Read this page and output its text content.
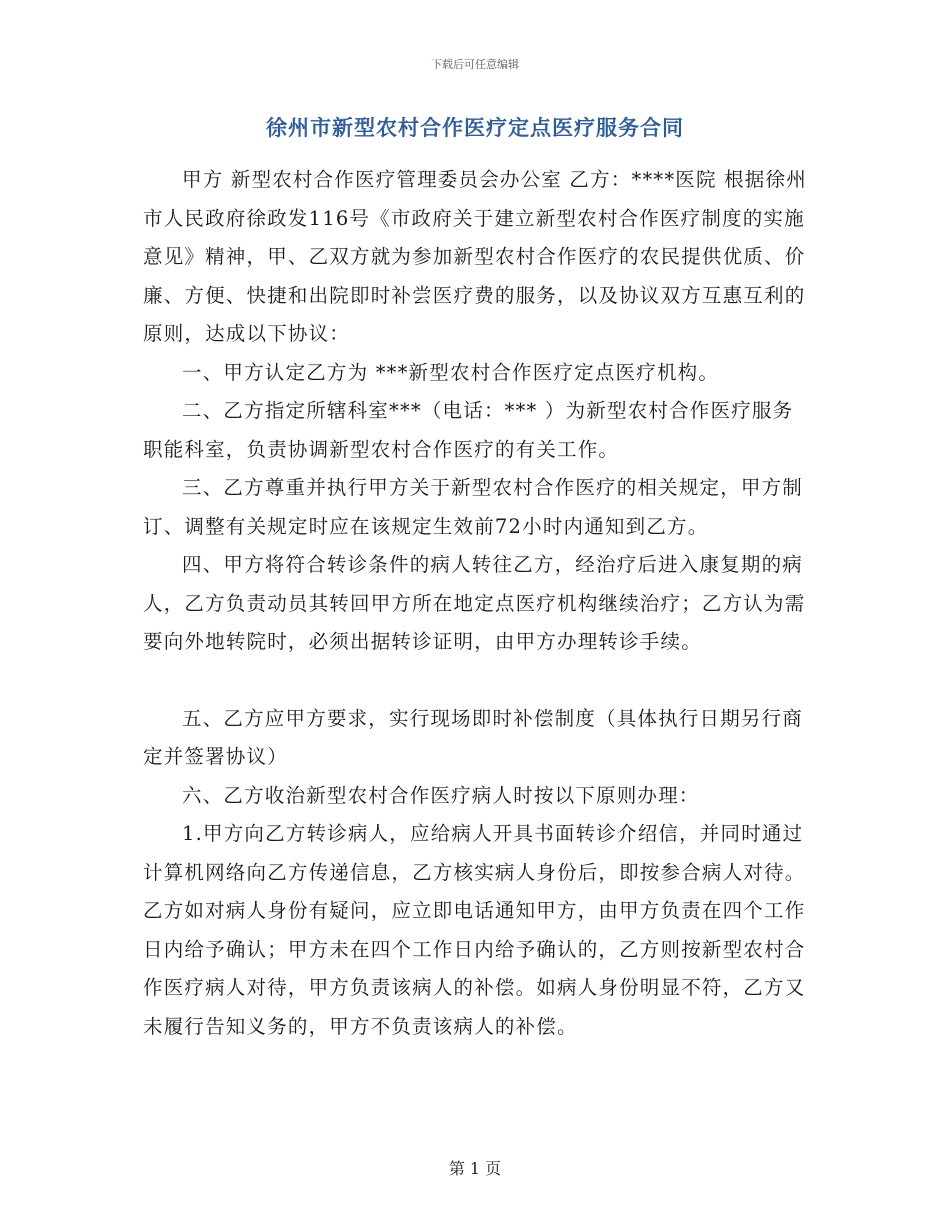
下载后可任意编辑
徐州市新型农村合作医疗定点医疗服务合同

甲方 新型农村合作医疗管理委员会办公室 乙方：****医院 根据徐州市人民政府徐政发116号《市政府关于建立新型农村合作医疗制度的实施意见》精神，甲、乙双方就为参加新型农村合作医疗的农民提供优质、价廉、方便、快捷和出院即时补尝医疗费的服务，以及协议双方互惠互利的原则，达成以下协议：

一、甲方认定乙方为 ***新型农村合作医疗定点医疗机构。

二、乙方指定所辖科室***（电话：*** ）为新型农村合作医疗服务职能科室，负责协调新型农村合作医疗的有关工作。

三、乙方尊重并执行甲方关于新型农村合作医疗的相关规定，甲方制订、调整有关规定时应在该规定生效前72小时内通知到乙方。

四、甲方将符合转诊条件的病人转往乙方，经治疗后进入康复期的病人，乙方负责动员其转回甲方所在地定点医疗机构继续治疗；乙方认为需要向外地转院时，必须出据转诊证明，由甲方办理转诊手续。

五、乙方应甲方要求，实行现场即时补偿制度（具体执行日期另行商定并签署协议）

六、乙方收治新型农村合作医疗病人时按以下原则办理：

1.甲方向乙方转诊病人，应给病人开具书面转诊介绍信，并同时通过计算机网络向乙方传递信息，乙方核实病人身份后，即按参合病人对待。乙方如对病人身份有疑问，应立即电话通知甲方，由甲方负责在四个工作日内给予确认；甲方未在四个工作日内给予确认的，乙方则按新型农村合作医疗病人对待，甲方负责该病人的补偿。如病人身份明显不符，乙方又未履行告知义务的，甲方不负责该病人的补偿。

第 1 页
